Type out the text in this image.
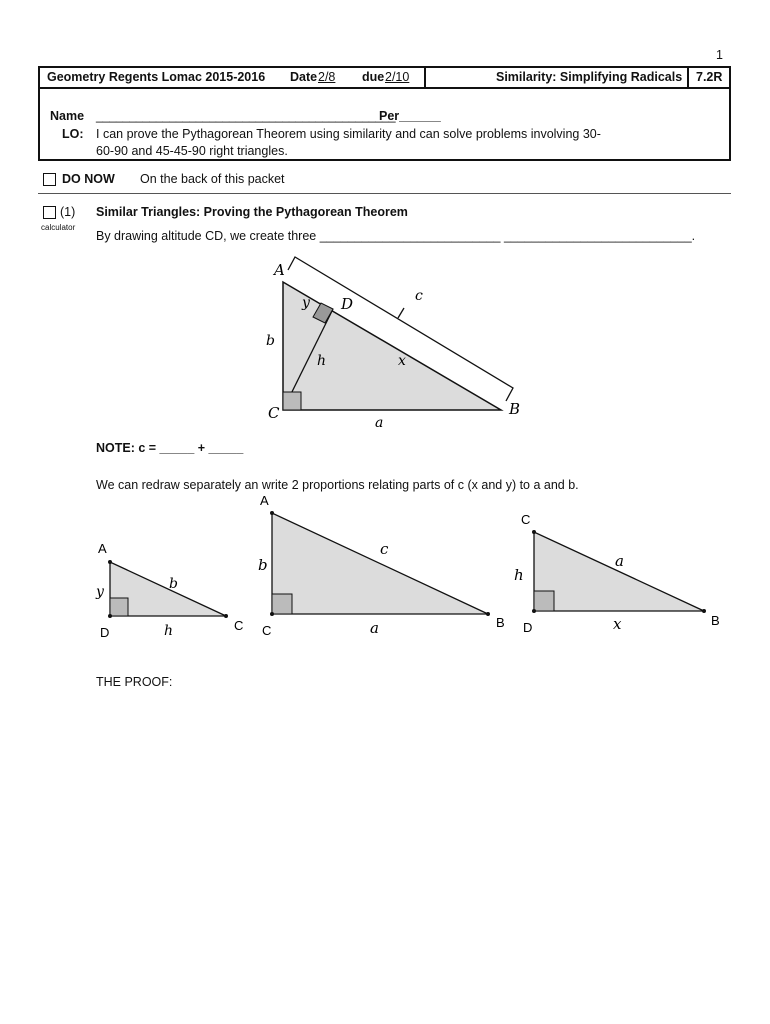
1
Geometry Regents Lomac 2015-2016 Date 2/8 due 2/10	Similarity: Simplifying Radicals 7.2R
Name _____________________________________________
Per______
LO: I can prove the Pythagorean Theorem using similarity and can solve problems involving 30-60-90 and 45-45-90 right triangles.
DO NOW On the back of this packet
(1)
calculator
Similar Triangles: Proving the Pythagorean Theorem
By drawing altitude CD, we create three __________________________ ___________________________.
A
B
C
D
y	c
b
h	x
a
NOTE: c = _____ + _____
We can redraw separately an write 2 proportions relating parts of c (x and y) to a and b.
A
D	C
y	b
h
A
C
B
b
c
a
C
D	B
h
a
x
THE PROOF:
